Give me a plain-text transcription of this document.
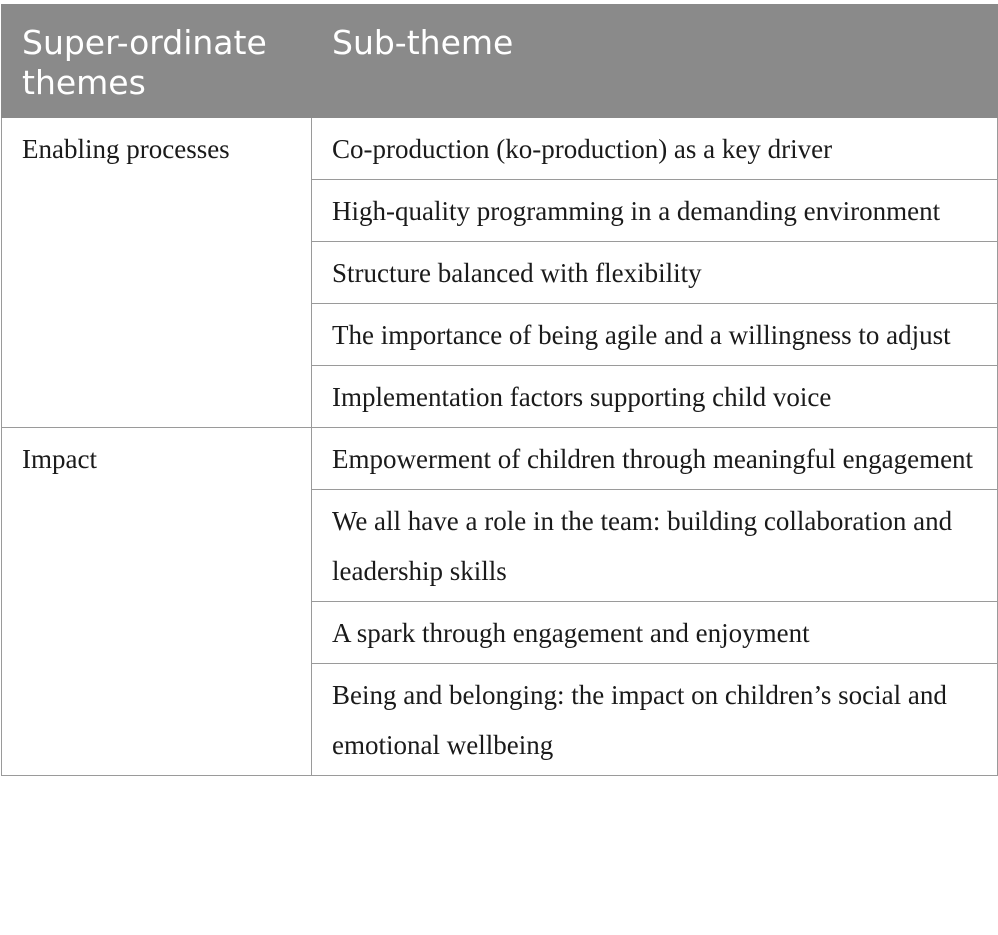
Super-ordinate themes	Sub-theme
Enabling processes	Co-production (ko-production) as a key driver
	High-quality programming in a demanding environment
	Structure balanced with flexibility
	The importance of being agile and a willingness to adjust
	Implementation factors supporting child voice
Impact	Empowerment of children through meaningful engagement
	We all have a role in the team: building collaboration and leadership skills
	A spark through engagement and enjoyment
	Being and belonging: the impact on children’s social and emotional wellbeing
